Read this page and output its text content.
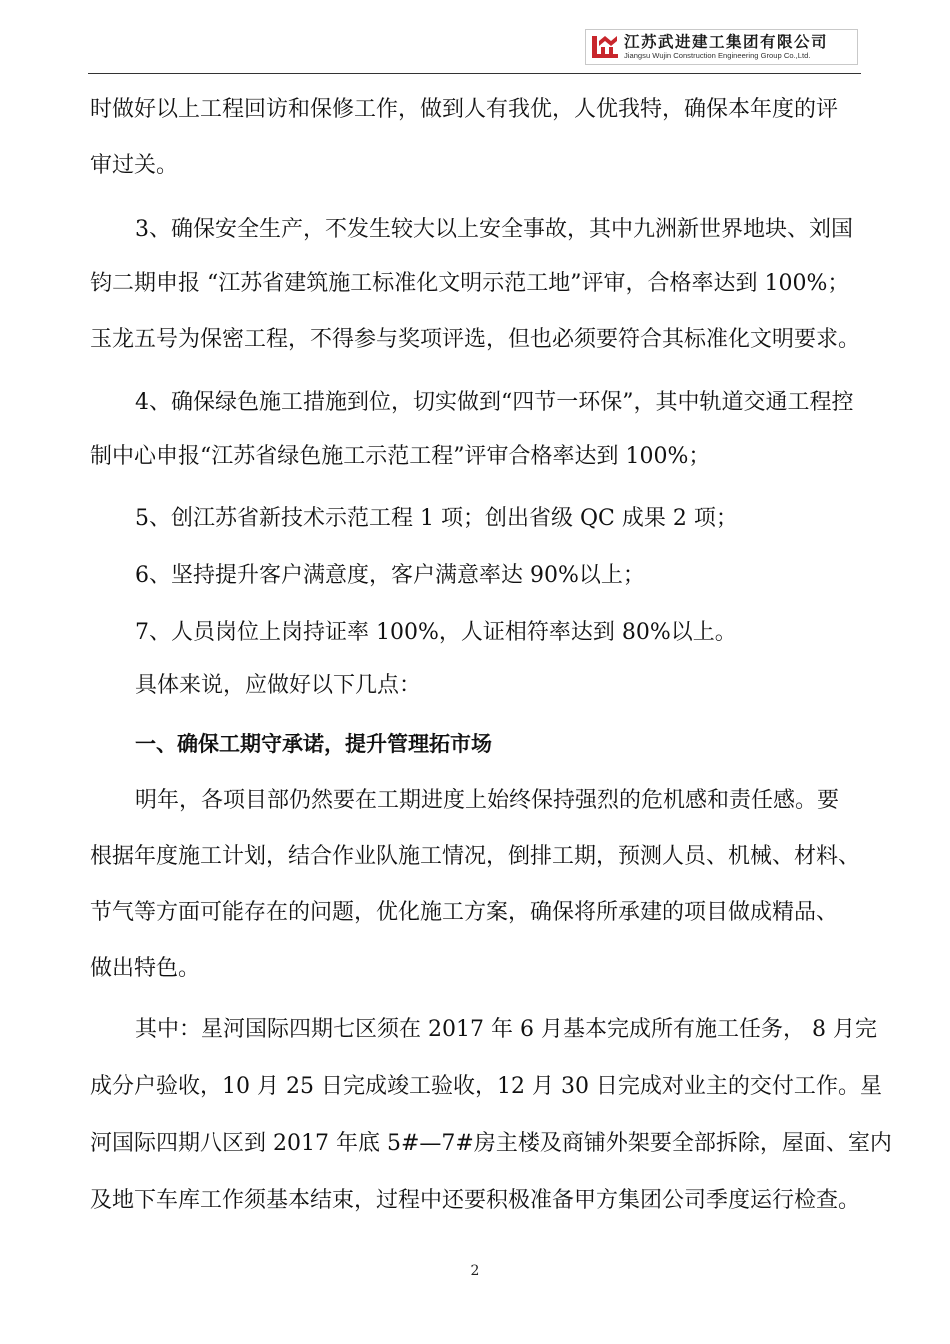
江苏武进建工集团有限公司
Jiangsu Wujin Construction Engineering Group Co.,Ltd.
时做好以上工程回访和保修工作，做到人有我优，人优我特，确保本年度的评
审过关。
3、确保安全生产，不发生较大以上安全事故，其中九洲新世界地块、刘国
钧二期申报 “江苏省建筑施工标准化文明示范工地”评审，合格率达到 100%；
玉龙五号为保密工程，不得参与奖项评选，但也必须要符合其标准化文明要求。
4、确保绿色施工措施到位，切实做到“四节一环保”，其中轨道交通工程控
制中心申报“江苏省绿色施工示范工程”评审合格率达到 100%；
5、创江苏省新技术示范工程 1 项；创出省级 QC 成果 2 项；
6、坚持提升客户满意度，客户满意率达 90%以上；
7、人员岗位上岗持证率 100%，人证相符率达到 80%以上。
具体来说，应做好以下几点：
一、确保工期守承诺，提升管理拓市场
明年，各项目部仍然要在工期进度上始终保持强烈的危机感和责任感。要
根据年度施工计划，结合作业队施工情况，倒排工期，预测人员、机械、材料、
节气等方面可能存在的问题，优化施工方案，确保将所承建的项目做成精品、
做出特色。
其中：星河国际四期七区须在 2017 年 6 月基本完成所有施工任务， 8 月完
成分户验收，10 月 25 日完成竣工验收，12 月 30 日完成对业主的交付工作。星
河国际四期八区到 2017 年底 5#—7#房主楼及商铺外架要全部拆除，屋面、室内
及地下车库工作须基本结束，过程中还要积极准备甲方集团公司季度运行检查。
2
